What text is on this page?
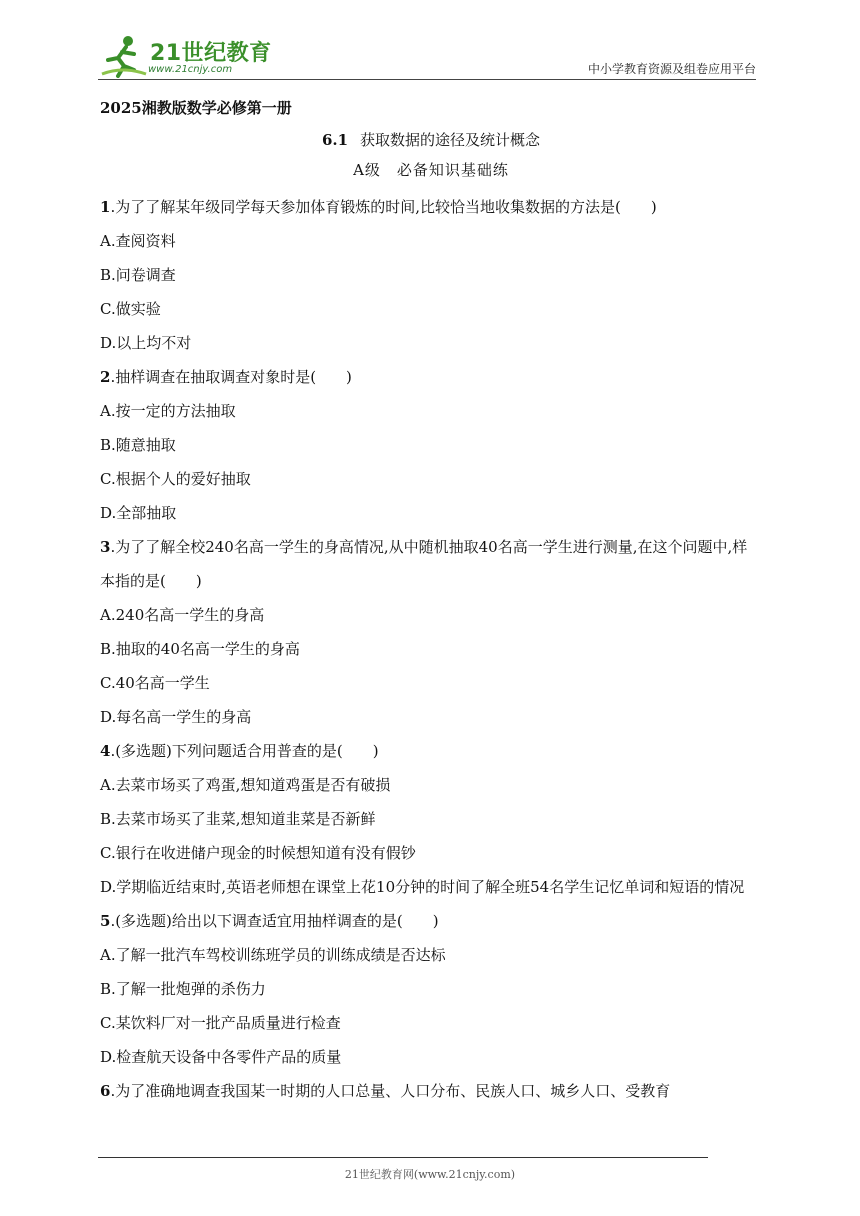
21世纪教育
www.21cnjy.com	中小学教育资源及组卷应用平台
2025湘教版数学必修第一册
6.1 获取数据的途径及统计概念
A级　必备知识基础练
1.为了了解某年级同学每天参加体育锻炼的时间,比较恰当地收集数据的方法是(　　)
A.查阅资料
B.问卷调查
C.做实验
D.以上均不对
2.抽样调查在抽取调查对象时是(　　)
A.按一定的方法抽取
B.随意抽取
C.根据个人的爱好抽取
D.全部抽取
3.为了了解全校240名高一学生的身高情况,从中随机抽取40名高一学生进行测量,在这个问题中,样本指的是(　　)
A.240名高一学生的身高
B.抽取的40名高一学生的身高
C.40名高一学生
D.每名高一学生的身高
4.(多选题)下列问题适合用普查的是(　　)
A.去菜市场买了鸡蛋,想知道鸡蛋是否有破损
B.去菜市场买了韭菜,想知道韭菜是否新鲜
C.银行在收进储户现金的时候想知道有没有假钞
D.学期临近结束时,英语老师想在课堂上花10分钟的时间了解全班54名学生记忆单词和短语的情况
5.(多选题)给出以下调查适宜用抽样调查的是(　　)
A.了解一批汽车驾校训练班学员的训练成绩是否达标
B.了解一批炮弹的杀伤力
C.某饮料厂对一批产品质量进行检查
D.检查航天设备中各零件产品的质量
6.为了准确地调查我国某一时期的人口总量、人口分布、民族人口、城乡人口、受教育
21世纪教育网(www.21cnjy.com)
